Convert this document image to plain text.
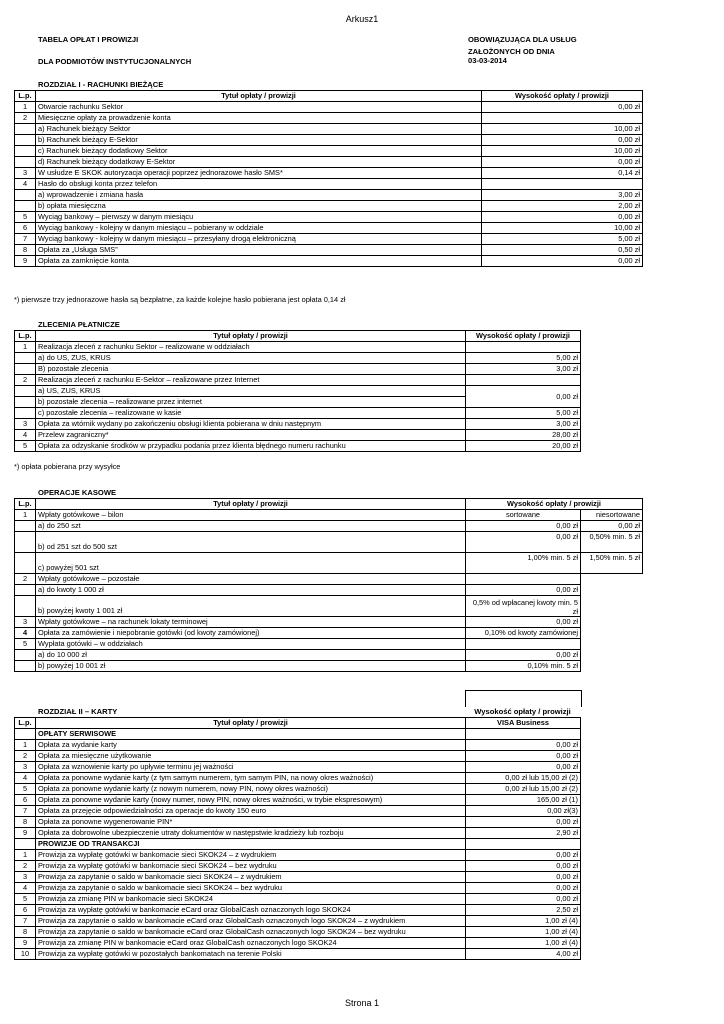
Arkusz1
TABELA OPŁAT I PROWIZJI
DLA PODMIOTÓW INSTYTUCJONALNYCH
OBOWIĄZUJĄCA DLA USŁUG
ZAŁOŻONYCH OD DNIA
03-03-2014
ROZDZIAŁ I - RACHUNKI BIEŻĄCE
L.p.	Tytuł opłaty / prowizji	Wysokość opłaty / prowizji
1	Otwarcie rachunku Sektor	0,00 zł
2	Miesięczne opłaty za prowadzenie konta	
	a) Rachunek bieżący Sektor	10,00 zł
	b) Rachunek bieżący E-Sektor	0,00 zł
	c) Rachunek bieżący dodatkowy Sektor	10,00 zł
	d) Rachunek bieżący dodatkowy E-Sektor	0,00 zł
3	W usłudze E SKOK autoryzacja operacji poprzez jednorazowe hasło SMS*	0,14 zł
4	Hasło do obsługi konta przez telefon	
	a) wprowadzenie i zmiana hasła	3,00 zł
	b) opłata miesięczna	2,00 zł
5	Wyciąg bankowy – pierwszy w danym miesiącu	0,00 zł
6	Wyciąg bankowy - kolejny w danym miesiącu – pobierany w oddziale	10,00 zł
7	Wyciąg bankowy - kolejny w danym miesiącu – przesyłany drogą elektroniczną	5,00 zł
8	Opłata za „Usługa SMS”	0,50 zł
9	Opłata za zamknięcie konta	0,00 zł
*) pierwsze trzy jednorazowe hasła są bezpłatne, za każde kolejne hasło pobierana jest opłata 0,14 zł
ZLECENIA PŁATNICZE
L.p.	Tytuł opłaty / prowizji	Wysokość opłaty / prowizji
1	Realizacja zleceń z rachunku Sektor – realizowane w oddziałach	
	a) do US, ZUS, KRUS	5,00 zł
	B) pozostałe zlecenia	3,00 zł
2	Realizacja zleceń z rachunku E-Sektor – realizowane przez Internet	
	a) US, ZUS, KRUS	0,00 zł
	b) pozostałe zlecenia – realizowane przez internet	
	c) pozostałe zlecenia – realizowane w kasie	5,00 zł
3	Opłata za wtórnik wydany po zakończeniu obsługi klienta pobierana w dniu następnym	3,00 zł
4	Przelew zagraniczny*	28,00 zł
5	Opłata za odzyskanie środków w przypadku podania przez klienta błędnego numeru rachunku	20,00 zł
*) opłata pobierana przy wysyłce
OPERACJE KASOWE
L.p.	Tytuł opłaty / prowizji	Wysokość opłaty / prowizji	
1	Wpłaty gotówkowe – bilon	sortowane	niesortowane
	a) do 250 szt	0,00 zł	0,00 zł
	b) od 251 szt do 500 szt	0,00 zł	0,50% min. 5 zł
	c) powyżej 501 szt	1,00% min. 5 zł	1,50% min. 5 zł
2	Wpłaty gotówkowe – pozostałe		
	a) do kwoty 1 000 zł	0,00 zł	
	b) powyżej kwoty 1 001 zł	0,5% od wpłacanej kwoty min. 5 zł	
3	Wpłaty gotówkowe – na rachunek lokaty terminowej	0,00 zł	
4	Opłata za zamówienie i niepobranie gotówki (od kwoty zamówionej)	0,10% od kwoty zamówionej	
5	Wypłata gotówki – w oddziałach		
	a) do 10 000 zł	0,00 zł	
	b) powyżej 10 001 zł	0,10% min. 5 zł	
ROZDZIAŁ II – KARTY	Wysokość opłaty / prowizji
L.p.	Tytuł opłaty / prowizji	VISA Business
	OPŁATY SERWISOWE	
1	Opłata za wydanie karty	0,00 zł
2	Opłata za miesięczne użytkowanie	0,00 zł
3	Opłata za wznowienie karty po upływie terminu jej ważności	0,00 zł
4	Opłata za ponowne wydanie karty (z tym samym numerem, tym samym PIN, na nowy okres ważności)	0,00 zł lub 15,00 zł (2)
5	Opłata za ponowne wydanie karty (z nowym numerem, nowy PIN, nowy okres ważności)	0,00 zł lub 15,00 zł (2)
6	Opłata za ponowne wydanie karty (nowy numer, nowy PIN, nowy okres ważności, w trybie ekspresowym)	165,00 zł (1)
7	Opłata za przejęcie odpowiedzialności za operacje do kwoty 150 euro	0,00 zł(3)
8	Opłata za ponowne wygenerowanie PIN*	0,00 zł
9	Opłata za dobrowolne ubezpieczenie utraty dokumentów w następstwie kradzieży lub rozboju	2,90 zł
	PROWIZJE OD TRANSAKCJI	
1	Prowizja za wypłatę gotówki w bankomacie sieci SKOK24 – z wydrukiem	0,00 zł
2	Prowizja za wypłatę gotówki w bankomacie sieci SKOK24 – bez wydruku	0,00 zł
3	Prowizja za zapytanie o saldo w bankomacie sieci SKOK24 – z wydrukiem	0,00 zł
4	Prowizja za zapytanie o saldo w bankomacie sieci SKOK24 – bez wydruku	0,00 zł
5	Prowizja za zmianę PIN w bankomacie sieci SKOK24	0,00 zł
6	Prowizja za wypłatę gotówki w bankomacie eCard oraz GlobalCash oznaczonych logo SKOK24	2,50 zł
7	Prowizja za zapytanie o saldo w bankomacie eCard oraz GlobalCash oznaczonych logo SKOK24 – z wydrukiem	1,00 zł (4)
8	Prowizja za zapytanie o saldo w bankomacie eCard oraz GlobalCash oznaczonych logo SKOK24 – bez wydruku	1,00 zł (4)
9	Prowizja za zmianę PIN w bankomacie eCard oraz GlobalCash oznaczonych logo SKOK24	1,00 zł (4)
10	Prowizja za wypłatę gotówki w pozostałych bankomatach na terenie Polski	4,00 zł
Strona 1
